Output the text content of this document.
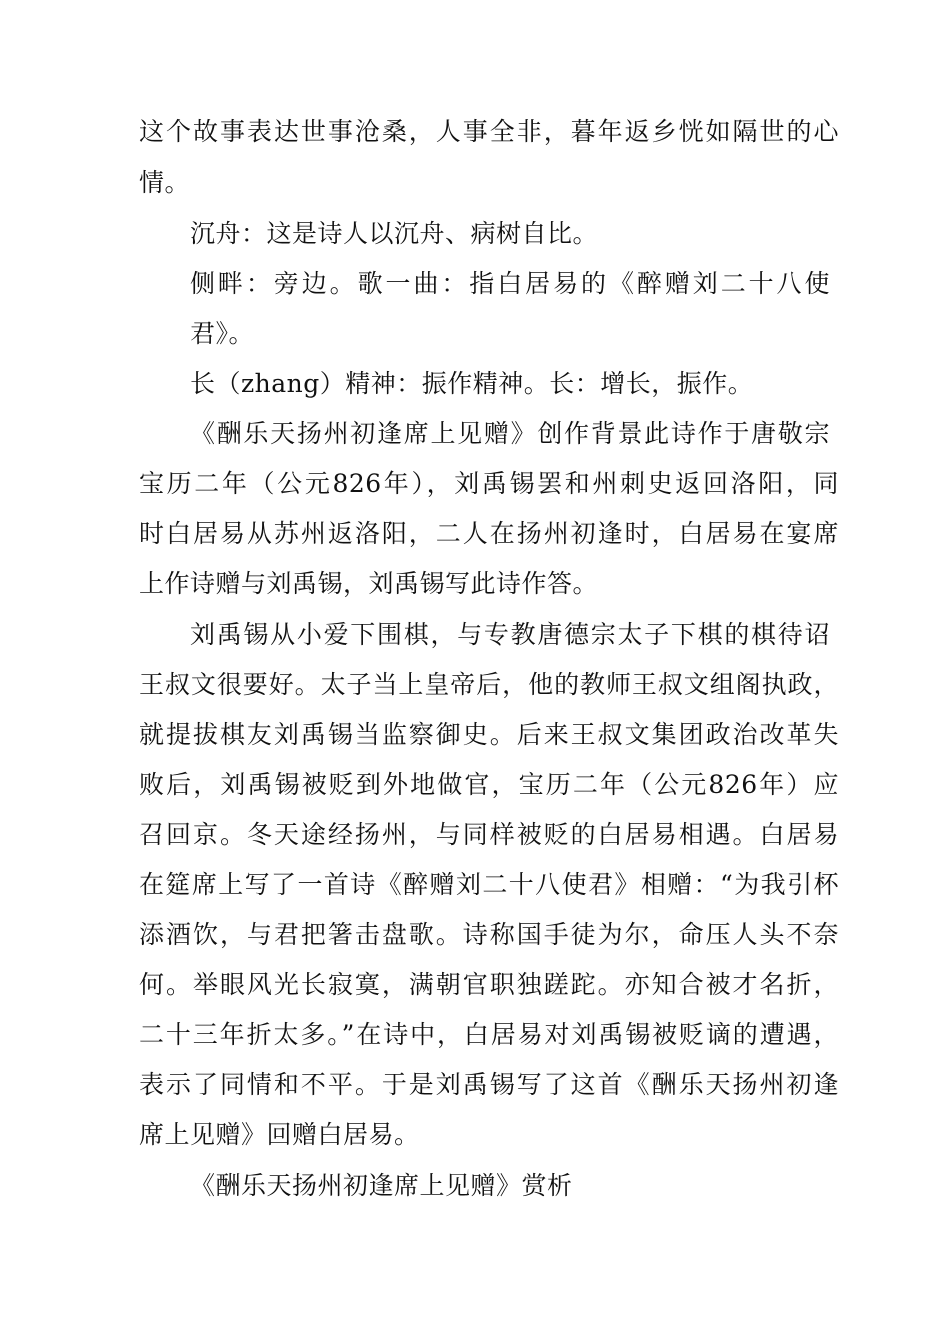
这个故事表达世事沧桑，人事全非，暮年返乡恍如隔世的心
情。
沉舟：这是诗人以沉舟、病树自比。
侧畔：旁边。歌一曲：指白居易的《醉赠刘二十八使
君》。
长（zhang）精神：振作精神。长：增长，振作。
《酬乐天扬州初逢席上见赠》创作背景此诗作于唐敬宗
宝历二年（公元826年），刘禹锡罢和州刺史返回洛阳，同
时白居易从苏州返洛阳，二人在扬州初逢时，白居易在宴席
上作诗赠与刘禹锡，刘禹锡写此诗作答。
刘禹锡从小爱下围棋，与专教唐德宗太子下棋的棋待诏
王叔文很要好。太子当上皇帝后，他的教师王叔文组阁执政，
就提拔棋友刘禹锡当监察御史。后来王叔文集团政治改革失
败后，刘禹锡被贬到外地做官，宝历二年（公元826年）应
召回京。冬天途经扬州，与同样被贬的白居易相遇。白居易
在筵席上写了一首诗《醉赠刘二十八使君》相赠：“为我引杯
添酒饮，与君把箸击盘歌。诗称国手徒为尔，命压人头不奈
何。举眼风光长寂寞，满朝官职独蹉跎。亦知合被才名折，
二十三年折太多。”在诗中，白居易对刘禹锡被贬谪的遭遇，
表示了同情和不平。于是刘禹锡写了这首《酬乐天扬州初逢
席上见赠》回赠白居易。
《酬乐天扬州初逢席上见赠》赏析
